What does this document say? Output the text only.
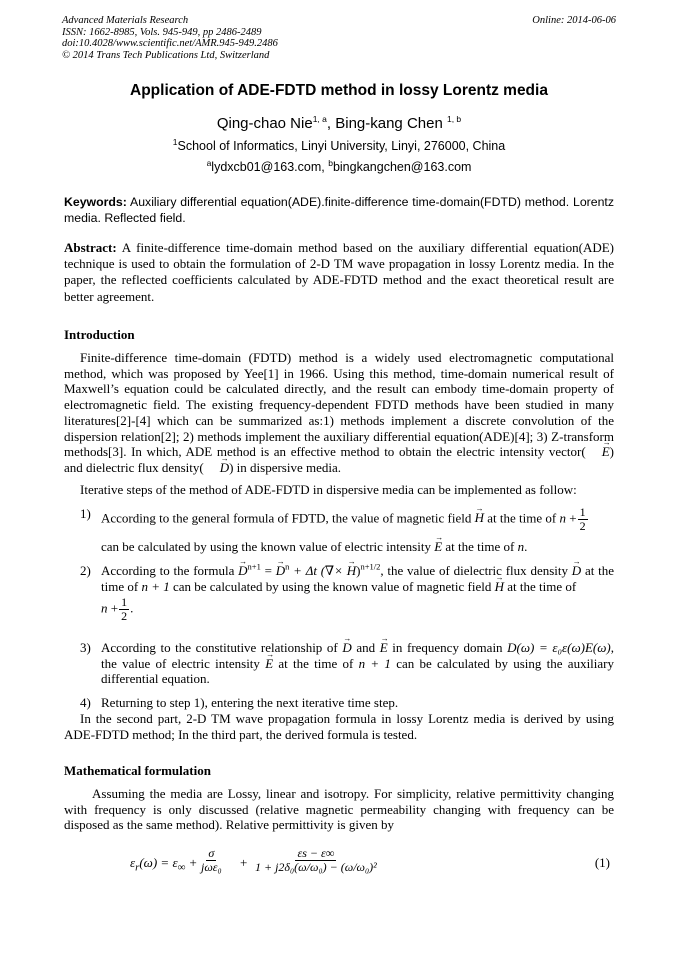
Advanced Materials Research
ISSN: 1662-8985, Vols. 945-949, pp 2486-2489
doi:10.4028/www.scientific.net/AMR.945-949.2486
© 2014 Trans Tech Publications Ltd, Switzerland
Online: 2014-06-06
Application of ADE-FDTD method in lossy Lorentz media
Qing-chao Nie$^{1, a}$, Bing-kang Chen $^{1, b}$
$^1$School of Informatics, Linyi University, Linyi, 276000, China
$^a$lydxcb01@163.com, $^b$bingkangchen@163.com
Keywords: Auxiliary differential equation(ADE).finite-difference time-domain(FDTD) method. Lorentz media. Reflected field.
Abstract: A finite-difference time-domain method based on the auxiliary differential equation(ADE) technique is used to obtain the formulation of 2-D TM wave propagation in lossy Lorentz media. In the paper, the reflected coefficients calculated by ADE-FDTD method and the exact theoretical result are better agreement.
Introduction
Finite-difference time-domain (FDTD) method is a widely used electromagnetic computational method, which was proposed by Yee[1] in 1966. Using this method, time-domain numerical result of Maxwell’s equation could be calculated directly, and the result can embody time-domain property of electromagnetic field. The existing frequency-dependent FDTD methods have been studied in many literatures[2]-[4] which can be summarized as:1) methods implement a discrete convolution of the dispersion relation[2]; 2) methods implement the auxiliary differential equation(ADE)[4]; 3) Z-transform methods[3]. In which, ADE method is an effective method to obtain the electric intensity vector( → E) and dielectric flux density( → D) in dispersive media.
Iterative steps of the method of ADE-FDTD in dispersive media can be implemented as follow:
1) According to the general formula of FDTD, the value of magnetic field → H at the time of $n + \frac{1}{2}$
can be calculated by using the known value of electric intensity → E at the time of n.
2) According to the formula → $D^{n+1}$ = → $D^n + \Delta t$ (∇× → H)$^{n+1/2}$, the value of dielectric flux density → D at the time of n + 1 can be calculated by using the known value of magnetic field → H at the time of
$n + \frac{1}{2}$ .
3) According to the constitutive relationship of → D and → E in frequency domain D(ω) = ε₀ε(ω)E(ω), the value of electric intensity → E at the time of n + 1 can be calculated by using the auxiliary differential equation.
4) Returning to step 1), entering the next iterative time step.
In the second part, 2-D TM wave propagation formula in lossy Lorentz media is derived by using ADE-FDTD method; In the third part, the derived formula is tested.
Mathematical formulation
Assuming the media are Lossy, linear and isotropy. For simplicity, relative permittivity changing with frequency is only discussed (relative magnetic permeability changing with frequency can be disposed as the same method). Relative permittivity is given by
$\varepsilon_r(\omega) = \varepsilon_\infty$ +
σ
$j\omega\varepsilon_0 + \frac{\varepsilon s - \varepsilon\infty}{\text{1 + j2δ₀(ω/ω₀) − (ω/ω₀)²}}$	(1)
